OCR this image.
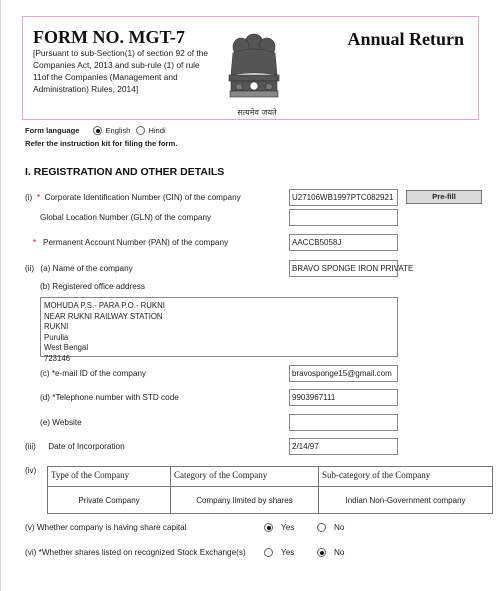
FORM NO. MGT-7
[Pursuant to sub-Section(1) of section 92 of the Companies Act, 2013 and sub-rule (1) of rule 11of the Companies (Management and Administration) Rules, 2014]
सत्यमेव जयते
Annual Return
Form language	English Hindi
Refer the instruction kit for filing the form.
I. REGISTRATION AND OTHER DETAILS
(i)  *  Corporate Identification Number (CIN) of the company	U27106WB1997PTC082921	Pre-fill
Global Location Number (GLN) of the company
*   Permanent Account Number (PAN) of the company	AACCB5058J
(ii) (a) Name of the company	BRAVO SPONGE IRON PRIVATE
(b) Registered office address
MOHUDA P.S.- PARA P.O.- RUKNI
NEAR RUKNI RAILWAY STATION
RUKNI
Purulia
West Bengal
723146
(c) *e-mail ID of the company	bravosponge15@gmail.com
(d) *Telephone number with STD code	9903967111
(e) Website
(iii) Date of Incorporation	2/14/97
(iv) Type of the Company	Category of the Company	Sub-category of the Company
Private Company	Company limited by shares	Indian Non-Government company
(v) Whether company is having share capital	Yes	No
(vi) *Whether shares listed on recognized Stock Exchange(s)	Yes	No
